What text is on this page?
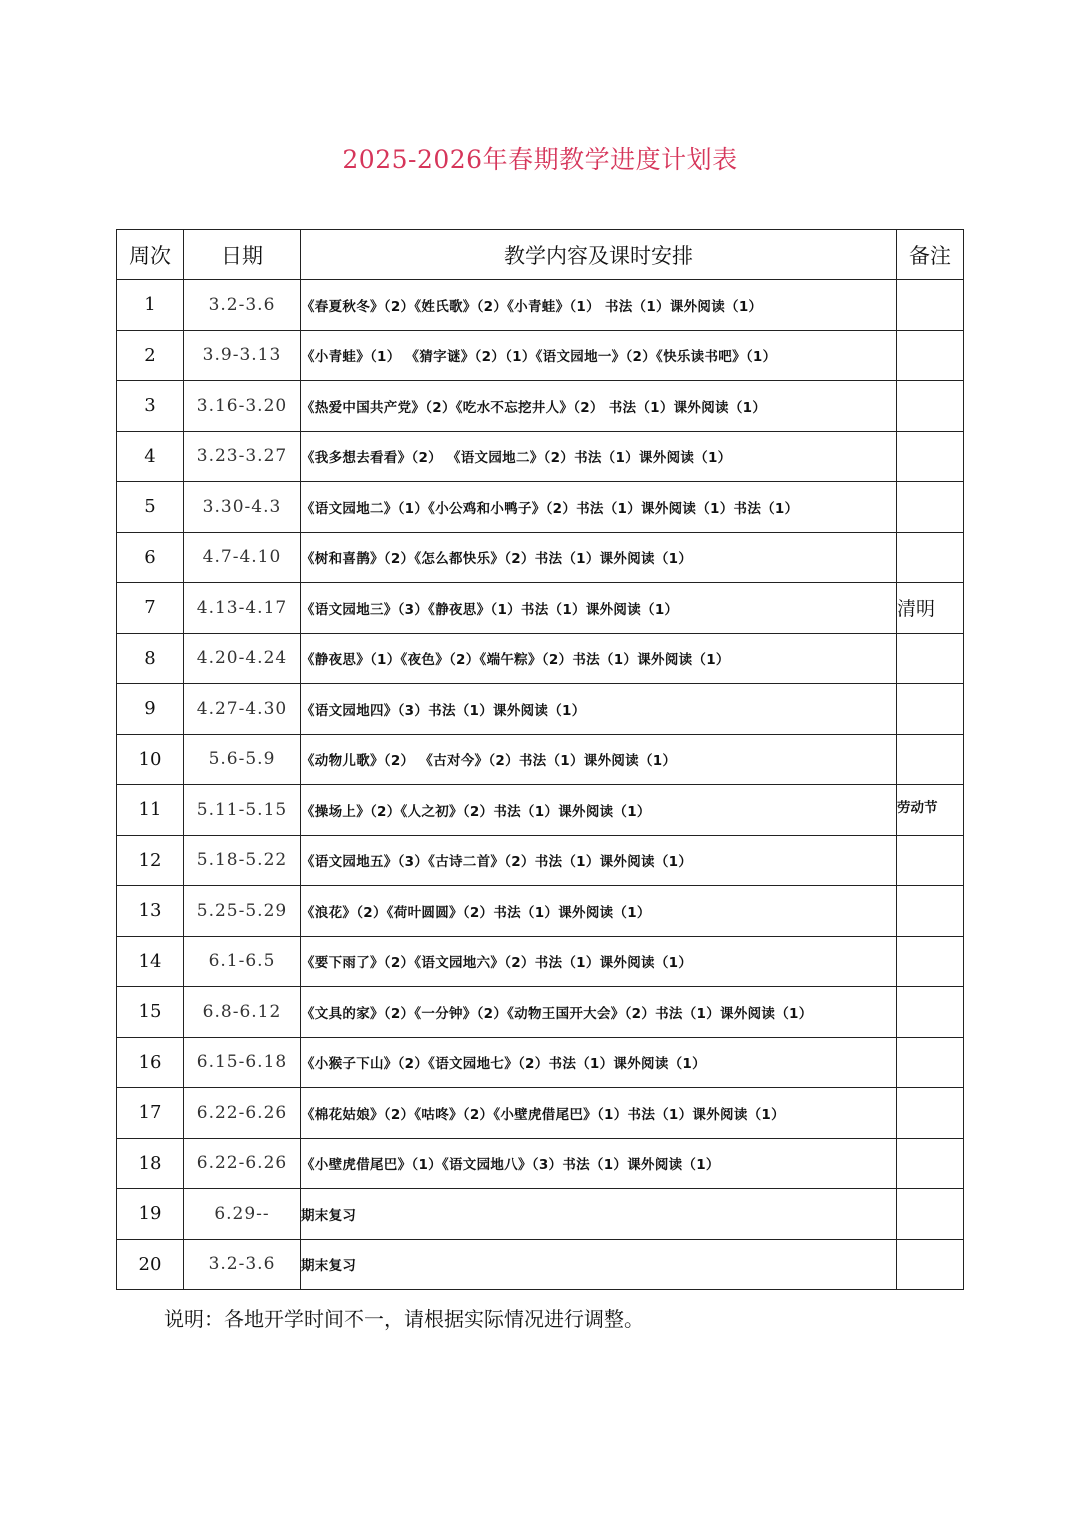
2025-2026年春期教学进度计划表
周次	日期	教学内容及课时安排	备注
1	3.2-3.6	《春夏秋冬》（2）《姓氏歌》（2）《小青蛙》（1） 书法（1）课外阅读（1）	
2	3.9-3.13	《小青蛙》（1） 《猜字谜》（2）（1）《语文园地一》（2）《快乐读书吧》（1）	
3	3.16-3.20	《热爱中国共产党》（2）《吃水不忘挖井人》（2） 书法（1）课外阅读（1）	
4	3.23-3.27	《我多想去看看》（2） 《语文园地二》（2）书法（1）课外阅读（1）	
5	3.30-4.3	《语文园地二》（1）《小公鸡和小鸭子》（2）书法（1）课外阅读（1）书法（1）	
6	4.7-4.10	《树和喜鹊》（2）《怎么都快乐》（2）书法（1）课外阅读（1）	
7	4.13-4.17	《语文园地三》（3）《静夜思》（1）书法（1）课外阅读（1）	清明
8	4.20-4.24	《静夜思》（1）《夜色》（2）《端午粽》（2）书法（1）课外阅读（1）	
9	4.27-4.30	《语文园地四》（3）书法（1）课外阅读（1）	
10	5.6-5.9	《动物儿歌》（2） 《古对今》（2）书法（1）课外阅读（1）	
11	5.11-5.15	《操场上》（2）《人之初》（2）书法（1）课外阅读（1）	劳动节
12	5.18-5.22	《语文园地五》（3）《古诗二首》（2）书法（1）课外阅读（1）	
13	5.25-5.29	《浪花》（2）《荷叶圆圆》（2）书法（1）课外阅读（1）	
14	6.1-6.5	《要下雨了》（2）《语文园地六》（2）书法（1）课外阅读（1）	
15	6.8-6.12	《文具的家》（2）《一分钟》（2）《动物王国开大会》（2）书法（1）课外阅读（1）	
16	6.15-6.18	《小猴子下山》（2）《语文园地七》（2）书法（1）课外阅读（1）	
17	6.22-6.26	《棉花姑娘》（2）《咕咚》（2）《小壁虎借尾巴》（1）书法（1）课外阅读（1）	
18	6.22-6.26	《小壁虎借尾巴》（1）《语文园地八》（3）书法（1）课外阅读（1）	
19	6.29--	期末复习	
20	3.2-3.6	期末复习	
说明：各地开学时间不一，请根据实际情况进行调整。
